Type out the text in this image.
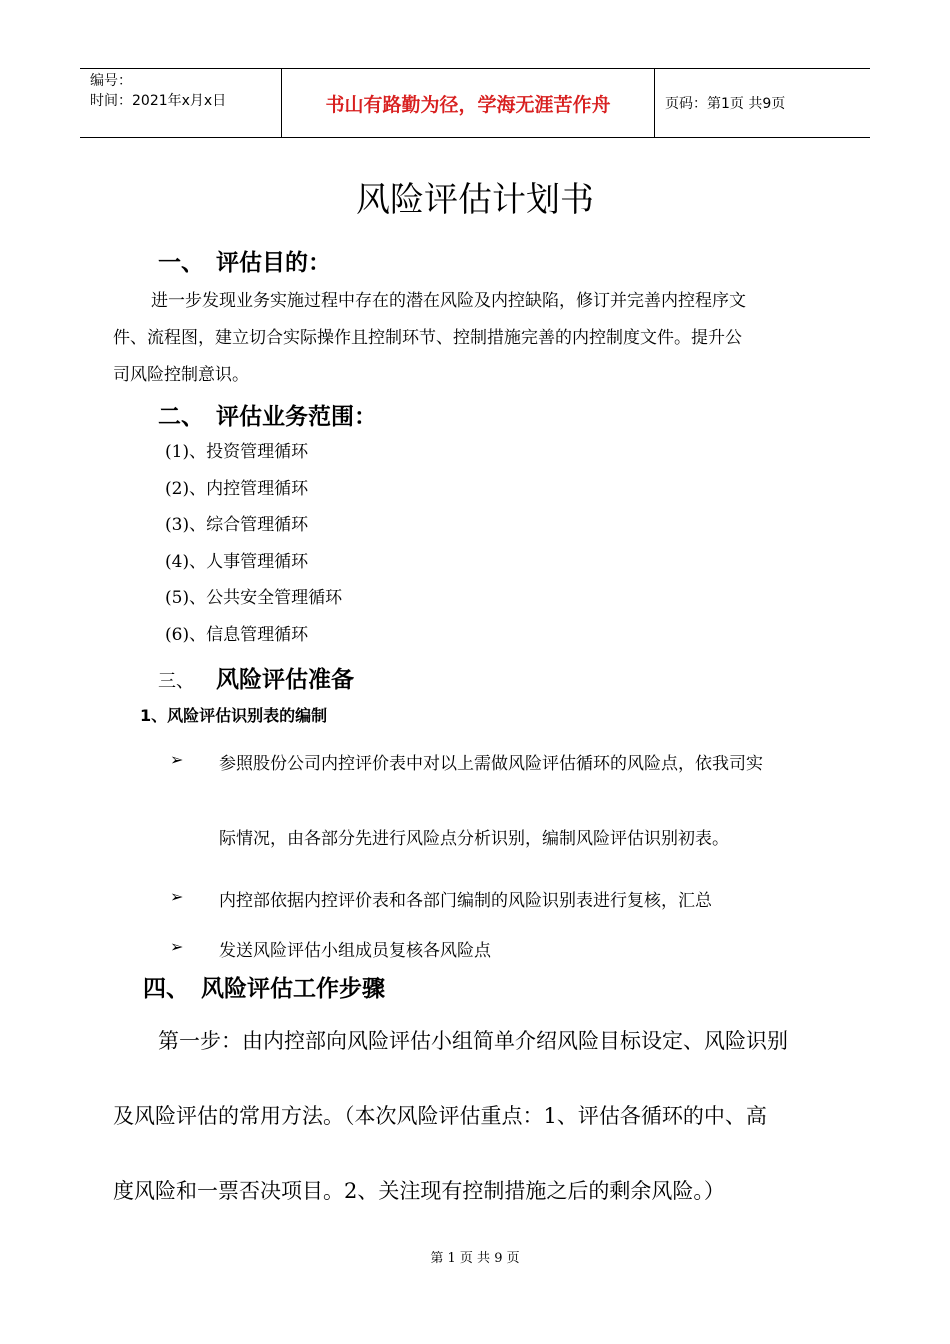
编号：
时间：2021年x月x日	书山有路勤为径，学海无涯苦作舟	页码：第1页 共9页
风险评估计划书
一、 评估目的：
进一步发现业务实施过程中存在的潜在风险及内控缺陷，修订并完善内控程序文
件、流程图，建立切合实际操作且控制环节、控制措施完善的内控制度文件。提升公
司风险控制意识。
二、 评估业务范围：
(1)、投资管理循环
(2)、内控管理循环
(3)、综合管理循环
(4)、人事管理循环
(5)、公共安全管理循环
(6)、信息管理循环
三、 风险评估准备
1、风险评估识别表的编制
➢ 参照股份公司内控评价表中对以上需做风险评估循环的风险点，依我司实
际情况，由各部分先进行风险点分析识别，编制风险评估识别初表。
➢ 内控部依据内控评价表和各部门编制的风险识别表进行复核，汇总
➢ 发送风险评估小组成员复核各风险点
四、 风险评估工作步骤
第一步：由内控部向风险评估小组简单介绍风险目标设定、风险识别
及风险评估的常用方法。（本次风险评估重点：1、评估各循环的中、高
度风险和一票否决项目。2、关注现有控制措施之后的剩余风险。）
第 1 页 共 9 页
